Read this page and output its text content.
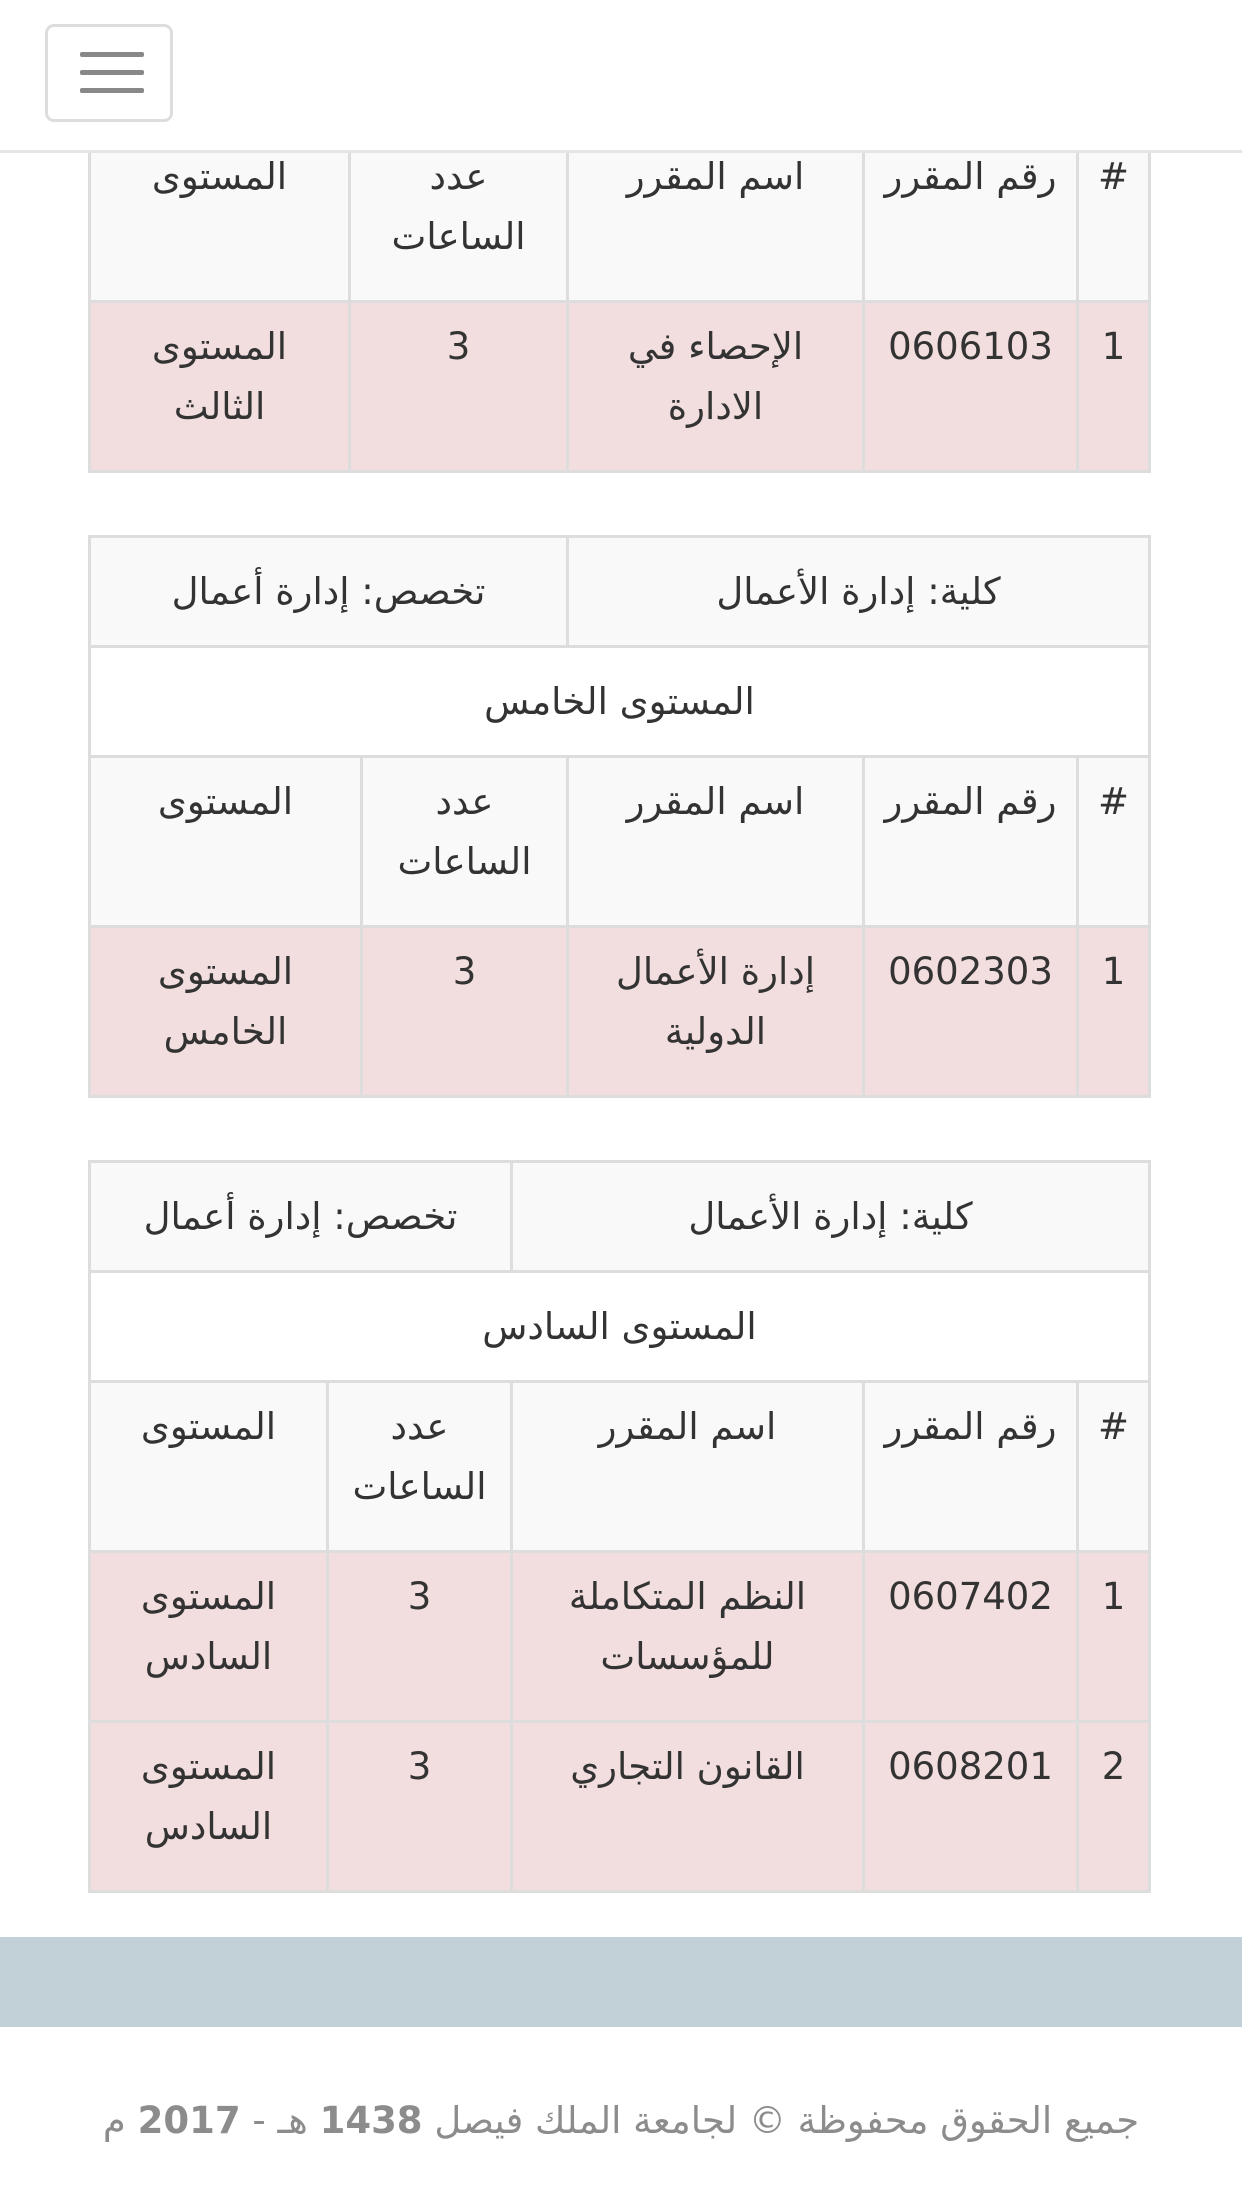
#	رقم المقرر	اسم المقرر	عدد الساعات	المستوى
1	0606103	الإحصاء في الادارة	3	المستوى الثالث
كلية: إدارة الأعمال			تخصص: إدارة أعمال	
المستوى الخامس				
#	رقم المقرر	اسم المقرر	عدد الساعات	المستوى
1	0602303	إدارة الأعمال الدولية	3	المستوى الخامس
كلية: إدارة الأعمال			تخصص: إدارة أعمال	
المستوى السادس				
#	رقم المقرر	اسم المقرر	عدد الساعات	المستوى
1	0607402	النظم المتكاملة للمؤسسات	3	المستوى السادس
2	0608201	القانون التجاري	3	المستوى السادس
جميع الحقوق محفوظة © لجامعة الملك فيصل 1438 هـ - 2017 م
